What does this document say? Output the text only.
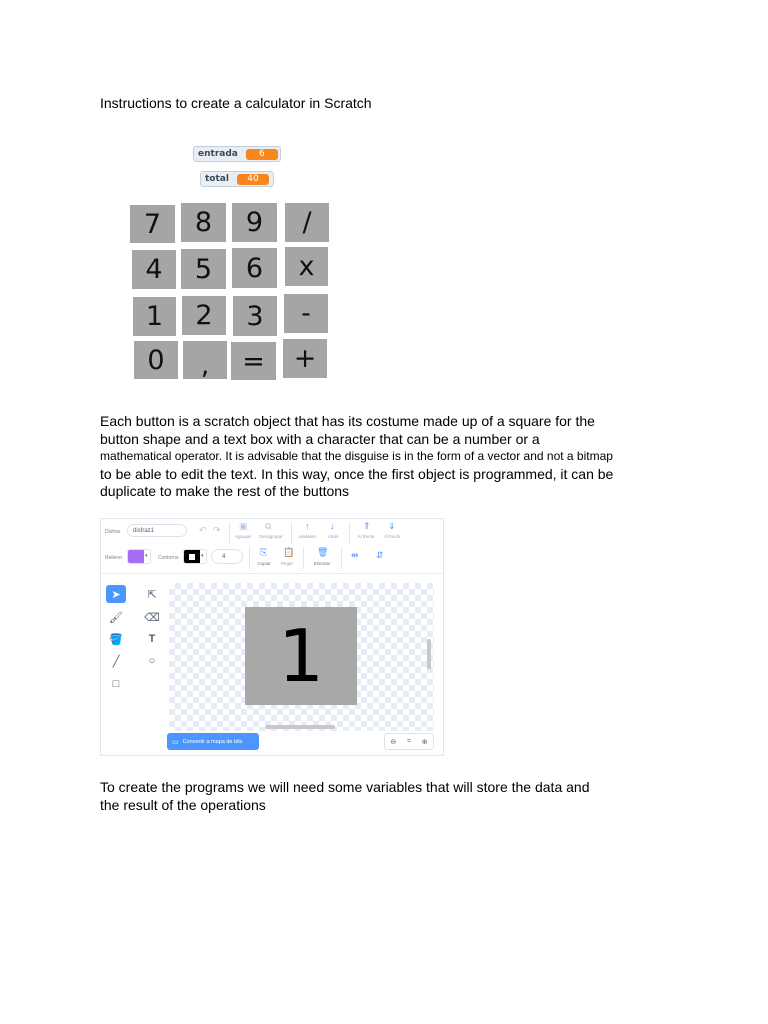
Instructions to create a calculator in Scratch
entrada	6
total	40
7	8	9	/
4	5	6	x
1	2	3	-
0	,	=	+
Each button is a scratch object that has its costume made up of a square for the
button shape and a text box with a character that can be a number or a
mathematical operator. It is advisable that the disguise is in the form of a vector and not a bitmap
to be able to edit the text. In this way, once the first object is programmed, it can be
duplicate to make the rest of the buttons
Disfraz	disfraz1	↶ ↷ ▣
Agrupar
⧉
Desagrupar
↑
Adelante
↓
Atrás
⇑
Al frente
⇓
Al fondo
Relleno	▾ Contorno	▾	4	⎘
Copiar
📋
Pegar
🗑
Eliminar
⇹ ⇵
➤	⇱
🖌 ⌫
🪣	T
╱	○
□	1
▭ Convertir a mapa de bits	⊖ = ⊕
To create the programs we will need some variables that will store the data and
the result of the operations
